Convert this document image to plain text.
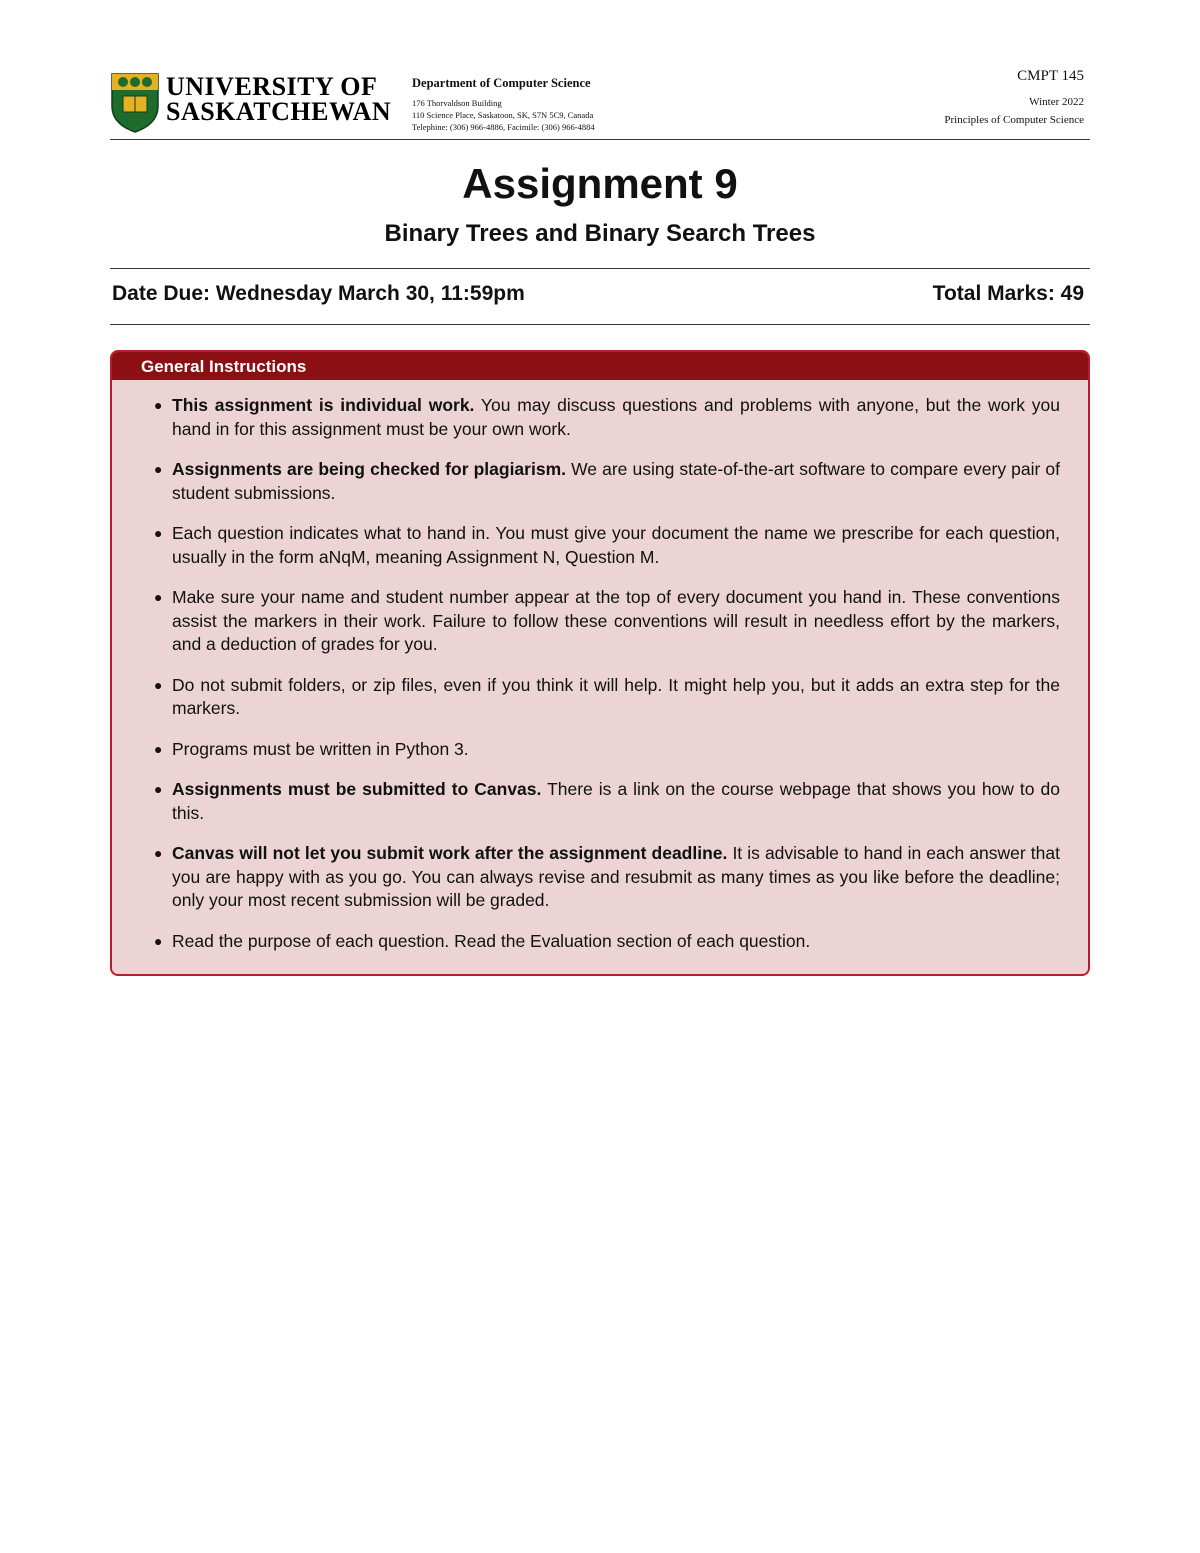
UNIVERSITY OF
SASKATCHEWAN
Department of Computer Science
176 Thorvaldson Building
110 Science Place, Saskatoon, SK, S7N 5C9, Canada
Telephine: (306) 966-4886, Facimile: (306) 966-4884
CMPT 145
Winter 2022
Principles of Computer Science
Assignment 9
Binary Trees and Binary Search Trees
Date Due: Wednesday March 30, 11:59pm	Total Marks: 49
General Instructions
● This assignment is individual work. You may discuss questions and problems with anyone, but the work you hand in for this assignment must be your own work.
● Assignments are being checked for plagiarism. We are using state-of-the-art software to compare every pair of student submissions.
● Each question indicates what to hand in. You must give your document the name we prescribe for each question, usually in the form aNqM, meaning Assignment N, Question M.
● Make sure your name and student number appear at the top of every document you hand in. These conventions assist the markers in their work. Failure to follow these conventions will result in needless effort by the markers, and a deduction of grades for you.
● Do not submit folders, or zip files, even if you think it will help. It might help you, but it adds an extra step for the markers.
● Programs must be written in Python 3.
● Assignments must be submitted to Canvas. There is a link on the course webpage that shows you how to do this.
● Canvas will not let you submit work after the assignment deadline. It is advisable to hand in each answer that you are happy with as you go. You can always revise and resubmit as many times as you like before the deadline; only your most recent submission will be graded.
● Read the purpose of each question. Read the Evaluation section of each question.
